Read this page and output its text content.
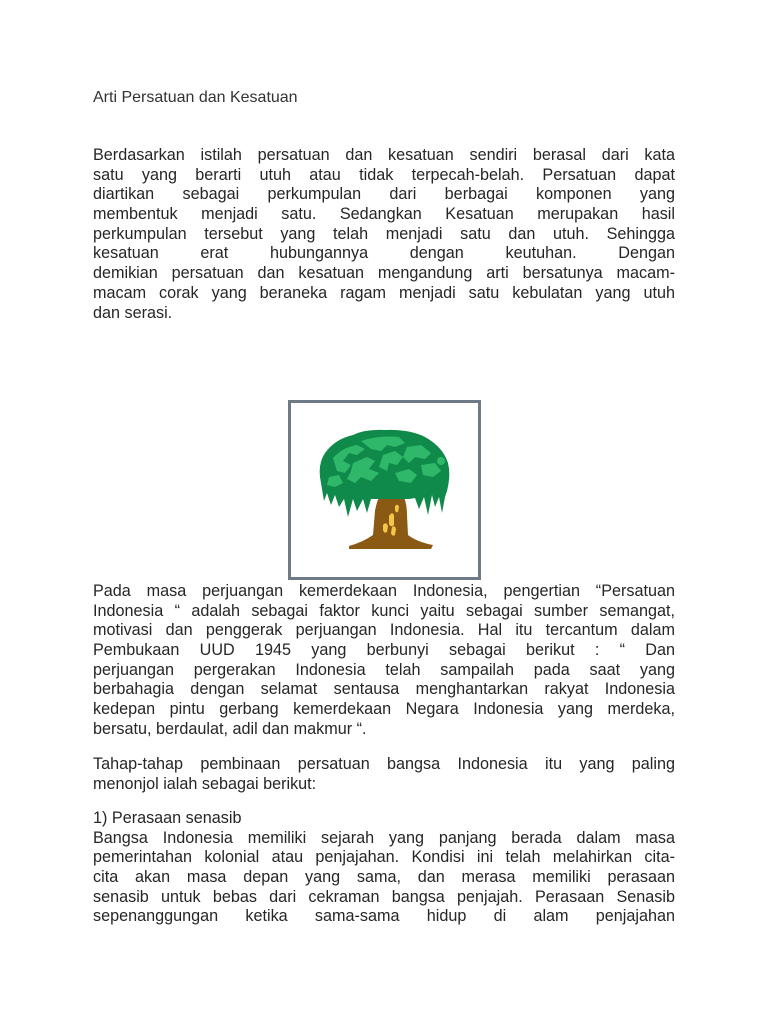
Arti Persatuan dan Kesatuan
Berdasarkan istilah persatuan dan kesatuan sendiri berasal dari kata
satu yang berarti utuh atau tidak terpecah-belah. Persatuan dapat
diartikan sebagai perkumpulan dari berbagai komponen yang
membentuk menjadi satu. Sedangkan Kesatuan merupakan hasil
perkumpulan tersebut yang telah menjadi satu dan utuh. Sehingga
kesatuan erat hubungannya dengan keutuhan. Dengan
demikian persatuan dan kesatuan mengandung arti bersatunya macam-
macam corak yang beraneka ragam menjadi satu kebulatan yang utuh
dan serasi.
Pada masa perjuangan kemerdekaan Indonesia, pengertian “Persatuan
Indonesia “ adalah sebagai faktor kunci yaitu sebagai sumber semangat,
motivasi dan penggerak perjuangan Indonesia. Hal itu tercantum dalam
Pembukaan UUD 1945 yang berbunyi sebagai berikut : “ Dan
perjuangan pergerakan Indonesia telah sampailah pada saat yang
berbahagia dengan selamat sentausa menghantarkan rakyat Indonesia
kedepan pintu gerbang kemerdekaan Negara Indonesia yang merdeka,
bersatu, berdaulat, adil dan makmur “.
Tahap-tahap pembinaan persatuan bangsa Indonesia itu yang paling
menonjol ialah sebagai berikut:
1) Perasaan senasib
Bangsa Indonesia memiliki sejarah yang panjang berada dalam masa
pemerintahan kolonial atau penjajahan. Kondisi ini telah melahirkan cita-
cita akan masa depan yang sama, dan merasa memiliki perasaan
senasib untuk bebas dari cekraman bangsa penjajah. Perasaan Senasib
sepenanggungan ketika sama-sama hidup di alam penjajahan
